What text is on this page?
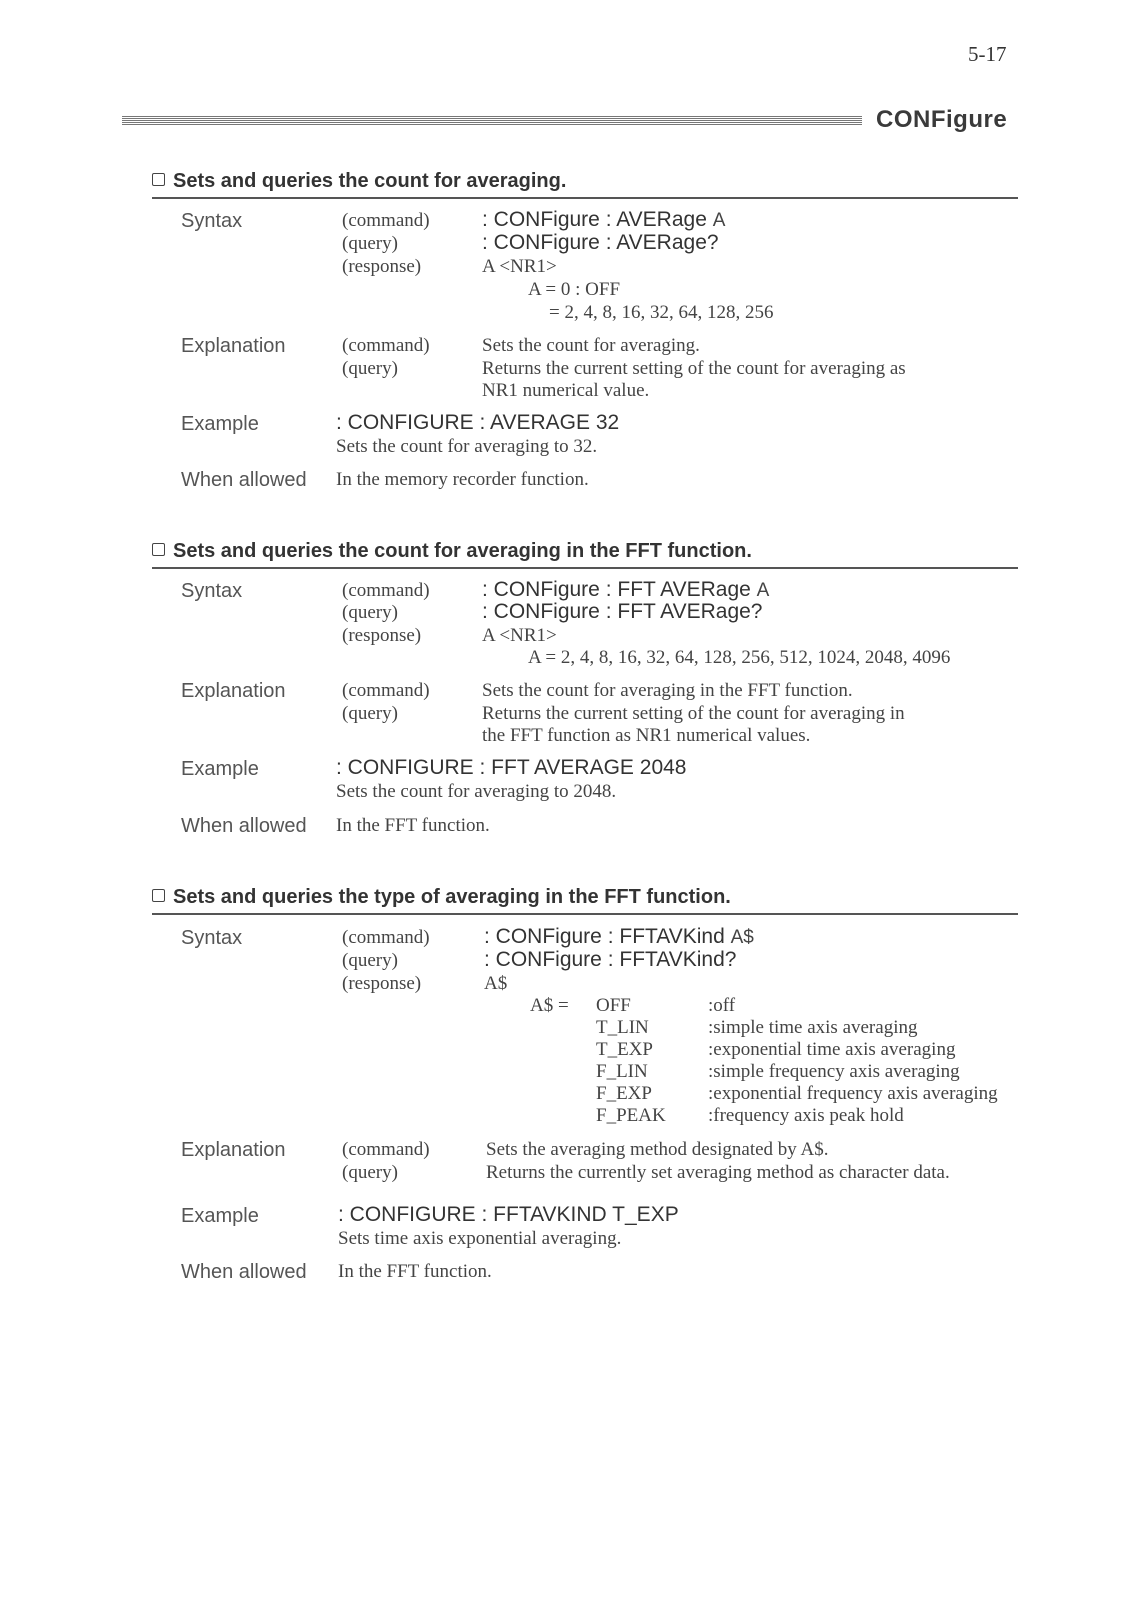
5-17
CONFigure
Sets and queries the count for averaging.
Syntax	(command) : CONFigure : AVERage A
(query)	: CONFigure : AVERage?
(response)	A <NR1>
A = 0 : OFF
= 2, 4, 8, 16, 32, 64, 128, 256
Explanation	(command)	Sets the count for averaging.
(query)	Returns the current setting of the count for averaging as
NR1 numerical value.
Example	: CONFIGURE : AVERAGE 32
Sets the count for averaging to 32.
When allowed In the memory recorder function.
Sets and queries the count for averaging in the FFT function.
Syntax	(command) : CONFigure : FFT AVERage A
(query)	: CONFigure : FFT AVERage?
(response)	A <NR1>
A = 2, 4, 8, 16, 32, 64, 128, 256, 512, 1024, 2048, 4096
Explanation	(command)	Sets the count for averaging in the FFT function.
(query)	Returns the current setting of the count for averaging in
the FFT function as NR1 numerical values.
Example	: CONFIGURE : FFT AVERAGE 2048
Sets the count for averaging to 2048.
When allowed In the FFT function.
Sets and queries the type of averaging in the FFT function.
Syntax	(command)	: CONFigure : FFTAVKind A$
(query)	: CONFigure : FFTAVKind?
(response)	A$
A$ = OFF	:off
T_LIN	:simple time axis averaging
T_EXP	:exponential time axis averaging
F_LIN	:simple frequency axis averaging
F_EXP	:exponential frequency axis averaging
F_PEAK :frequency axis peak hold
Explanation	(command)	Sets the averaging method designated by A$.
(query)	Returns the currently set averaging method as character data.
Example	: CONFIGURE : FFTAVKIND T_EXP
Sets time axis exponential averaging.
When allowed In the FFT function.
